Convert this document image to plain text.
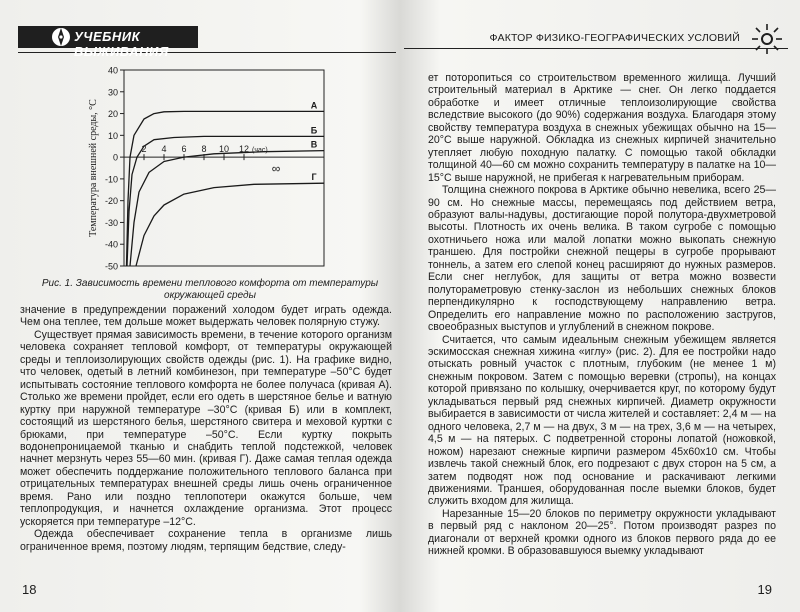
УЧЕБНИК ВЫЖИВАНИЯ
40
30
20
10
0
-10
-20
-30
-40
-50
2 4 6 8 10 12 (час)
∞
А
Б
В
Г
Температура внешней среды, °С
Рис. 1. Зависимость времени теплового комфорта от температуры окружающей среды

значение в предупреждении поражений холодом будет играть одежда. Чем она теплее, тем дольше может выдержать человек полярную стужу.

Существует прямая зависимость времени, в течение которого организм человека сохраняет тепловой комфорт, от температуры окружающей среды и теплоизолирующих свойств одежды (рис. 1). На графике видно, что человек, одетый в летний комбинезон, при температуре –50°С будет испытывать состояние теплового комфорта не более получаса (кривая А). Столько же времени пройдет, если его одеть в шерстяное белье и ватную куртку при наружной температуре –30°С (кривая Б) или в комплект, состоящий из шерстяного белья, шерстяного свитера и меховой куртки с брюками, при температуре –50°С. Если куртку покрыть водонепроницаемой тканью и снабдить теплой подстежкой, человек начнет мерзнуть через 55—60 мин. (кривая Г). Даже самая теплая одежда может обеспечить поддержание положительного теплового баланса при отрицательных температурах внешней среды лишь очень ограниченное время. Рано или поздно теплопотери окажутся больше, чем теплопродукция, и начнется охлаждение организма. Этот процесс ускоряется при температуре –12°С.

Одежда обеспечивает сохранение тепла в организме лишь ограниченное время, поэтому людям, терпящим бедствие, следу-

18
ФАКТОР ФИЗИКО-ГЕОГРАФИЧЕСКИХ УСЛОВИЙ

ет поторопиться со строительством временного жилища. Лучший строительный материал в Арктике — снег. Он легко поддается обработке и имеет отличные теплоизолирующие свойства вследствие высокого (до 90%) содержания воздуха. Благодаря этому свойству температура воздуха в снежных убежищах обычно на 15—20°С выше наружной. Обкладка из снежных кирпичей значительно утепляет любую походную палатку. С помощью такой обкладки толщиной 40—60 см можно сохранить температуру в палатке на 10—15°С выше наружной, не прибегая к нагревательным приборам.

Толщина снежного покрова в Арктике обычно невелика, всего 25—90 см. Но снежные массы, перемещаясь под действием ветра, образуют валы-надувы, достигающие порой полутора-двухметровой высоты. Плотность их очень велика. В таком сугробе с помощью охотничьего ножа или малой лопатки можно выкопать снежную траншею. Для постройки снежной пещеры в сугробе прорывают тоннель, а затем его слепой конец расширяют до нужных размеров. Если снег неглубок, для защиты от ветра можно возвести полутораметровую стенку-заслон из небольших снежных блоков перпендикулярно к господствующему направлению ветра. Определить его направление можно по расположению застругов, своеобразных выступов и углублений в снежном покрове.

Считается, что самым идеальным снежным убежищем является эскимосская снежная хижина «иглу» (рис. 2). Для ее постройки надо отыскать ровный участок с плотным, глубоким (не менее 1 м) снежным покровом. Затем с помощью веревки (стропы), на концах которой привязано по колышку, очерчивается круг, по которому будут укладываться первый ряд снежных кирпичей. Диаметр окружности выбирается в зависимости от числа жителей и составляет: 2,4 м — на одного человека, 2,7 м — на двух, 3 м — на трех, 3,6 м — на четырех, 4,5 м — на пятерых. С подветренной стороны лопатой (ножовкой, ножом) нарезают снежные кирпичи размером 45х60х10 см. Чтобы извлечь такой снежный блок, его подрезают с двух сторон на 5 см, а затем подводят нож под основание и раскачивают легкими движениями. Траншея, оборудованная после выемки блоков, будет служить входом для жилища.

Нарезанные 15—20 блоков по периметру окружности укладывают в первый ряд с наклоном 20—25°. Потом производят разрез по диагонали от верхней кромки одного из блоков первого ряда до ее нижней кромки. В образовавшуюся выемку укладывают

19
